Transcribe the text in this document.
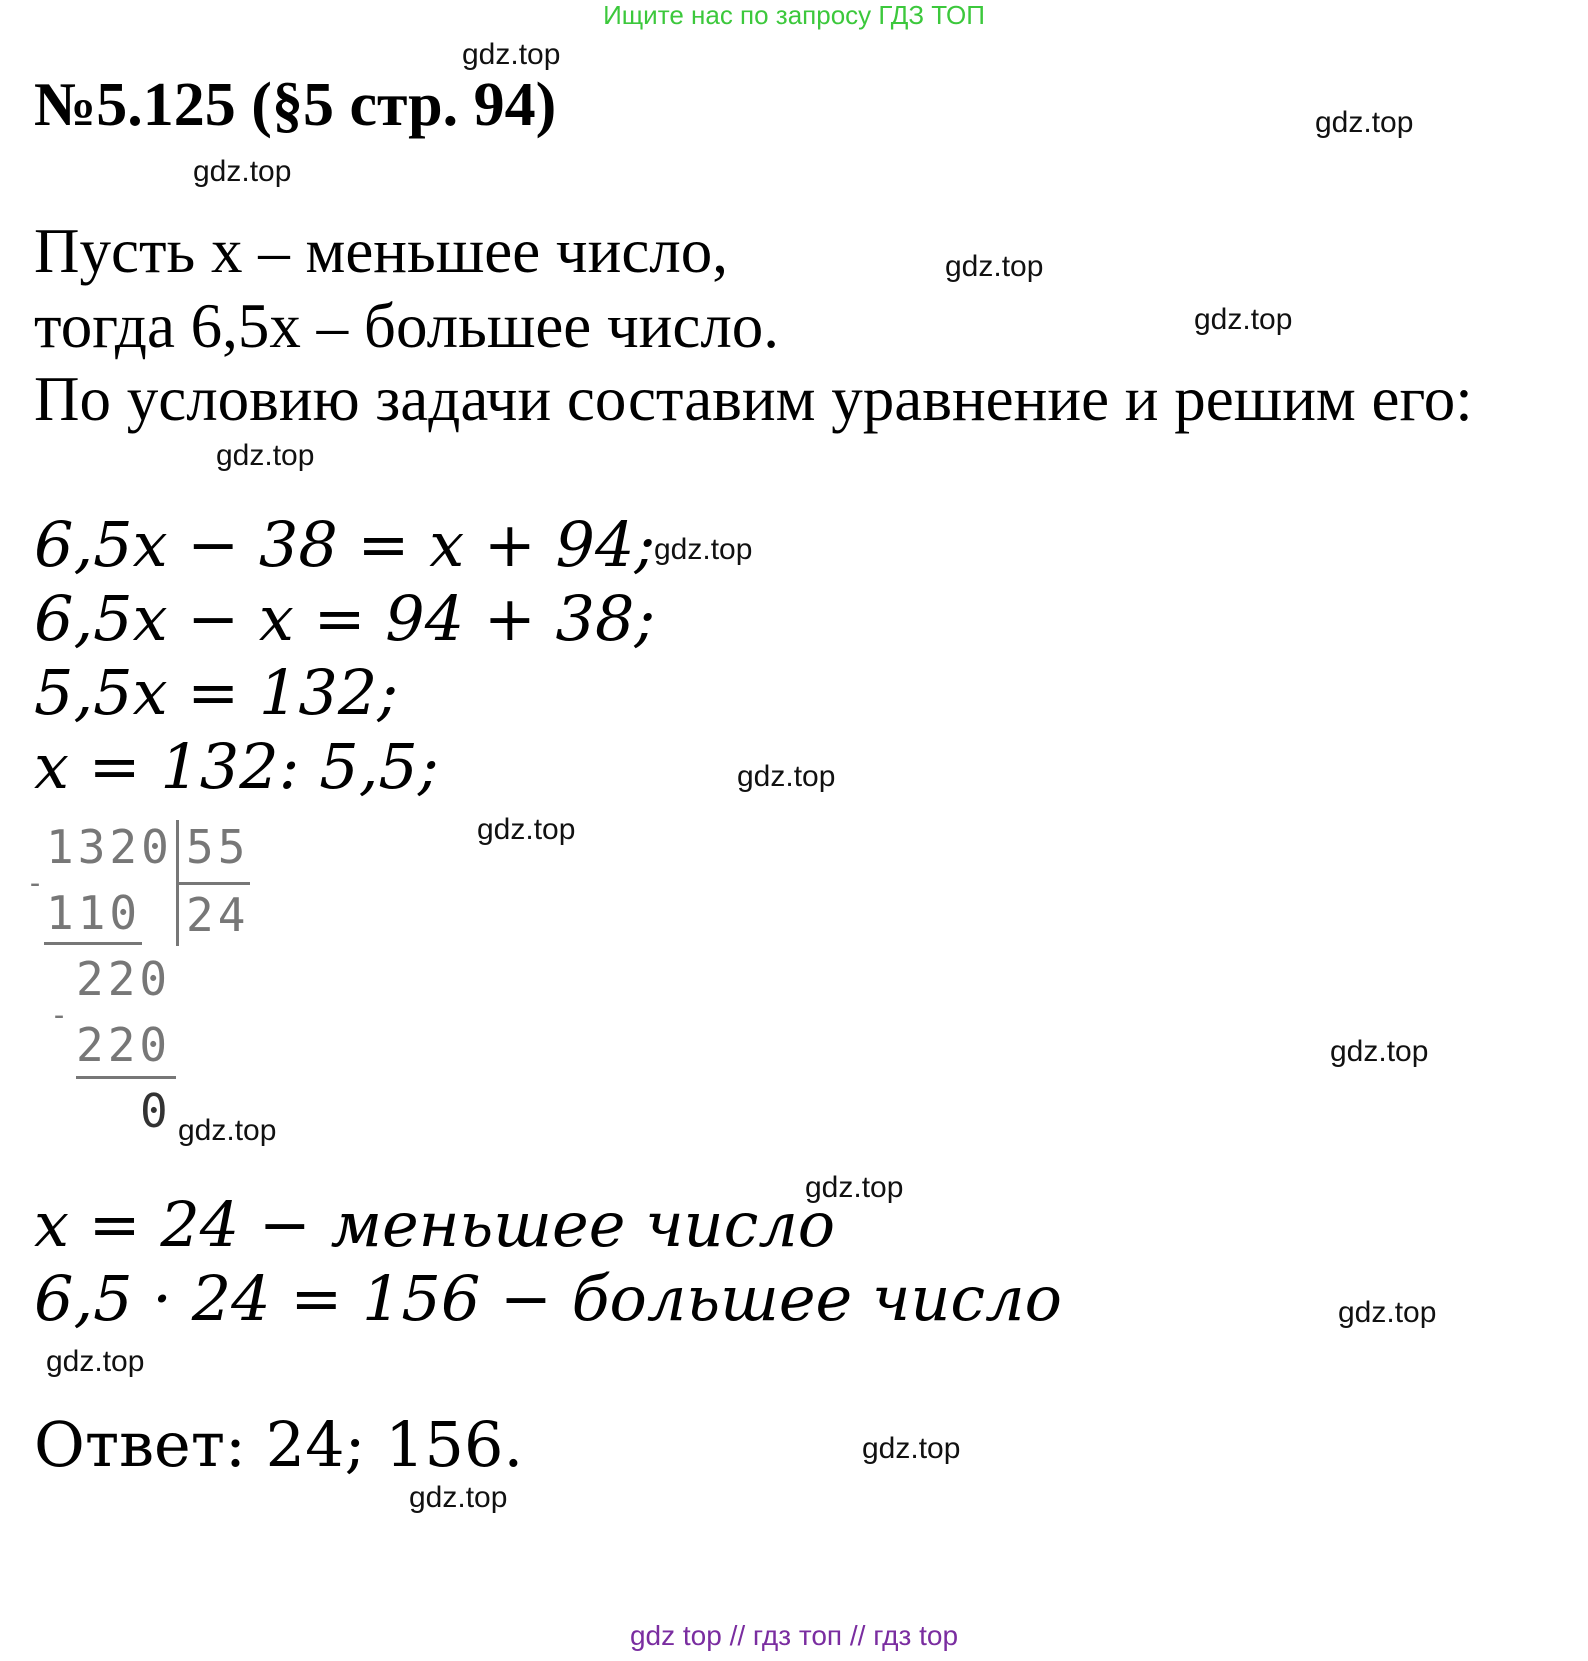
Ищите нас по запросу ГДЗ ТОП
№5.125 (§5 стр. 94)
Пусть x – меньшее число,
тогда 6,5x – большее число.
По условию задачи составим уравнение и решим его:
6,5x − 38 = x + 94;
6,5x − x = 94 + 38;
5,5x = 132;
x = 132: 5,5;
1320 55
-
110 24
220
-
220
0
x = 24 − меньшее число
6,5 · 24 = 156 − большее число
Ответ: 24; 156.
gdz.top
gdz.top
gdz.top
gdz.top
gdz.top
gdz.top
gdz.top
gdz.top
gdz.top
gdz.top
gdz.top
gdz.top
gdz.top
gdz.top
gdz.top
gdz.top
gdz top // гдз топ // гдз top
